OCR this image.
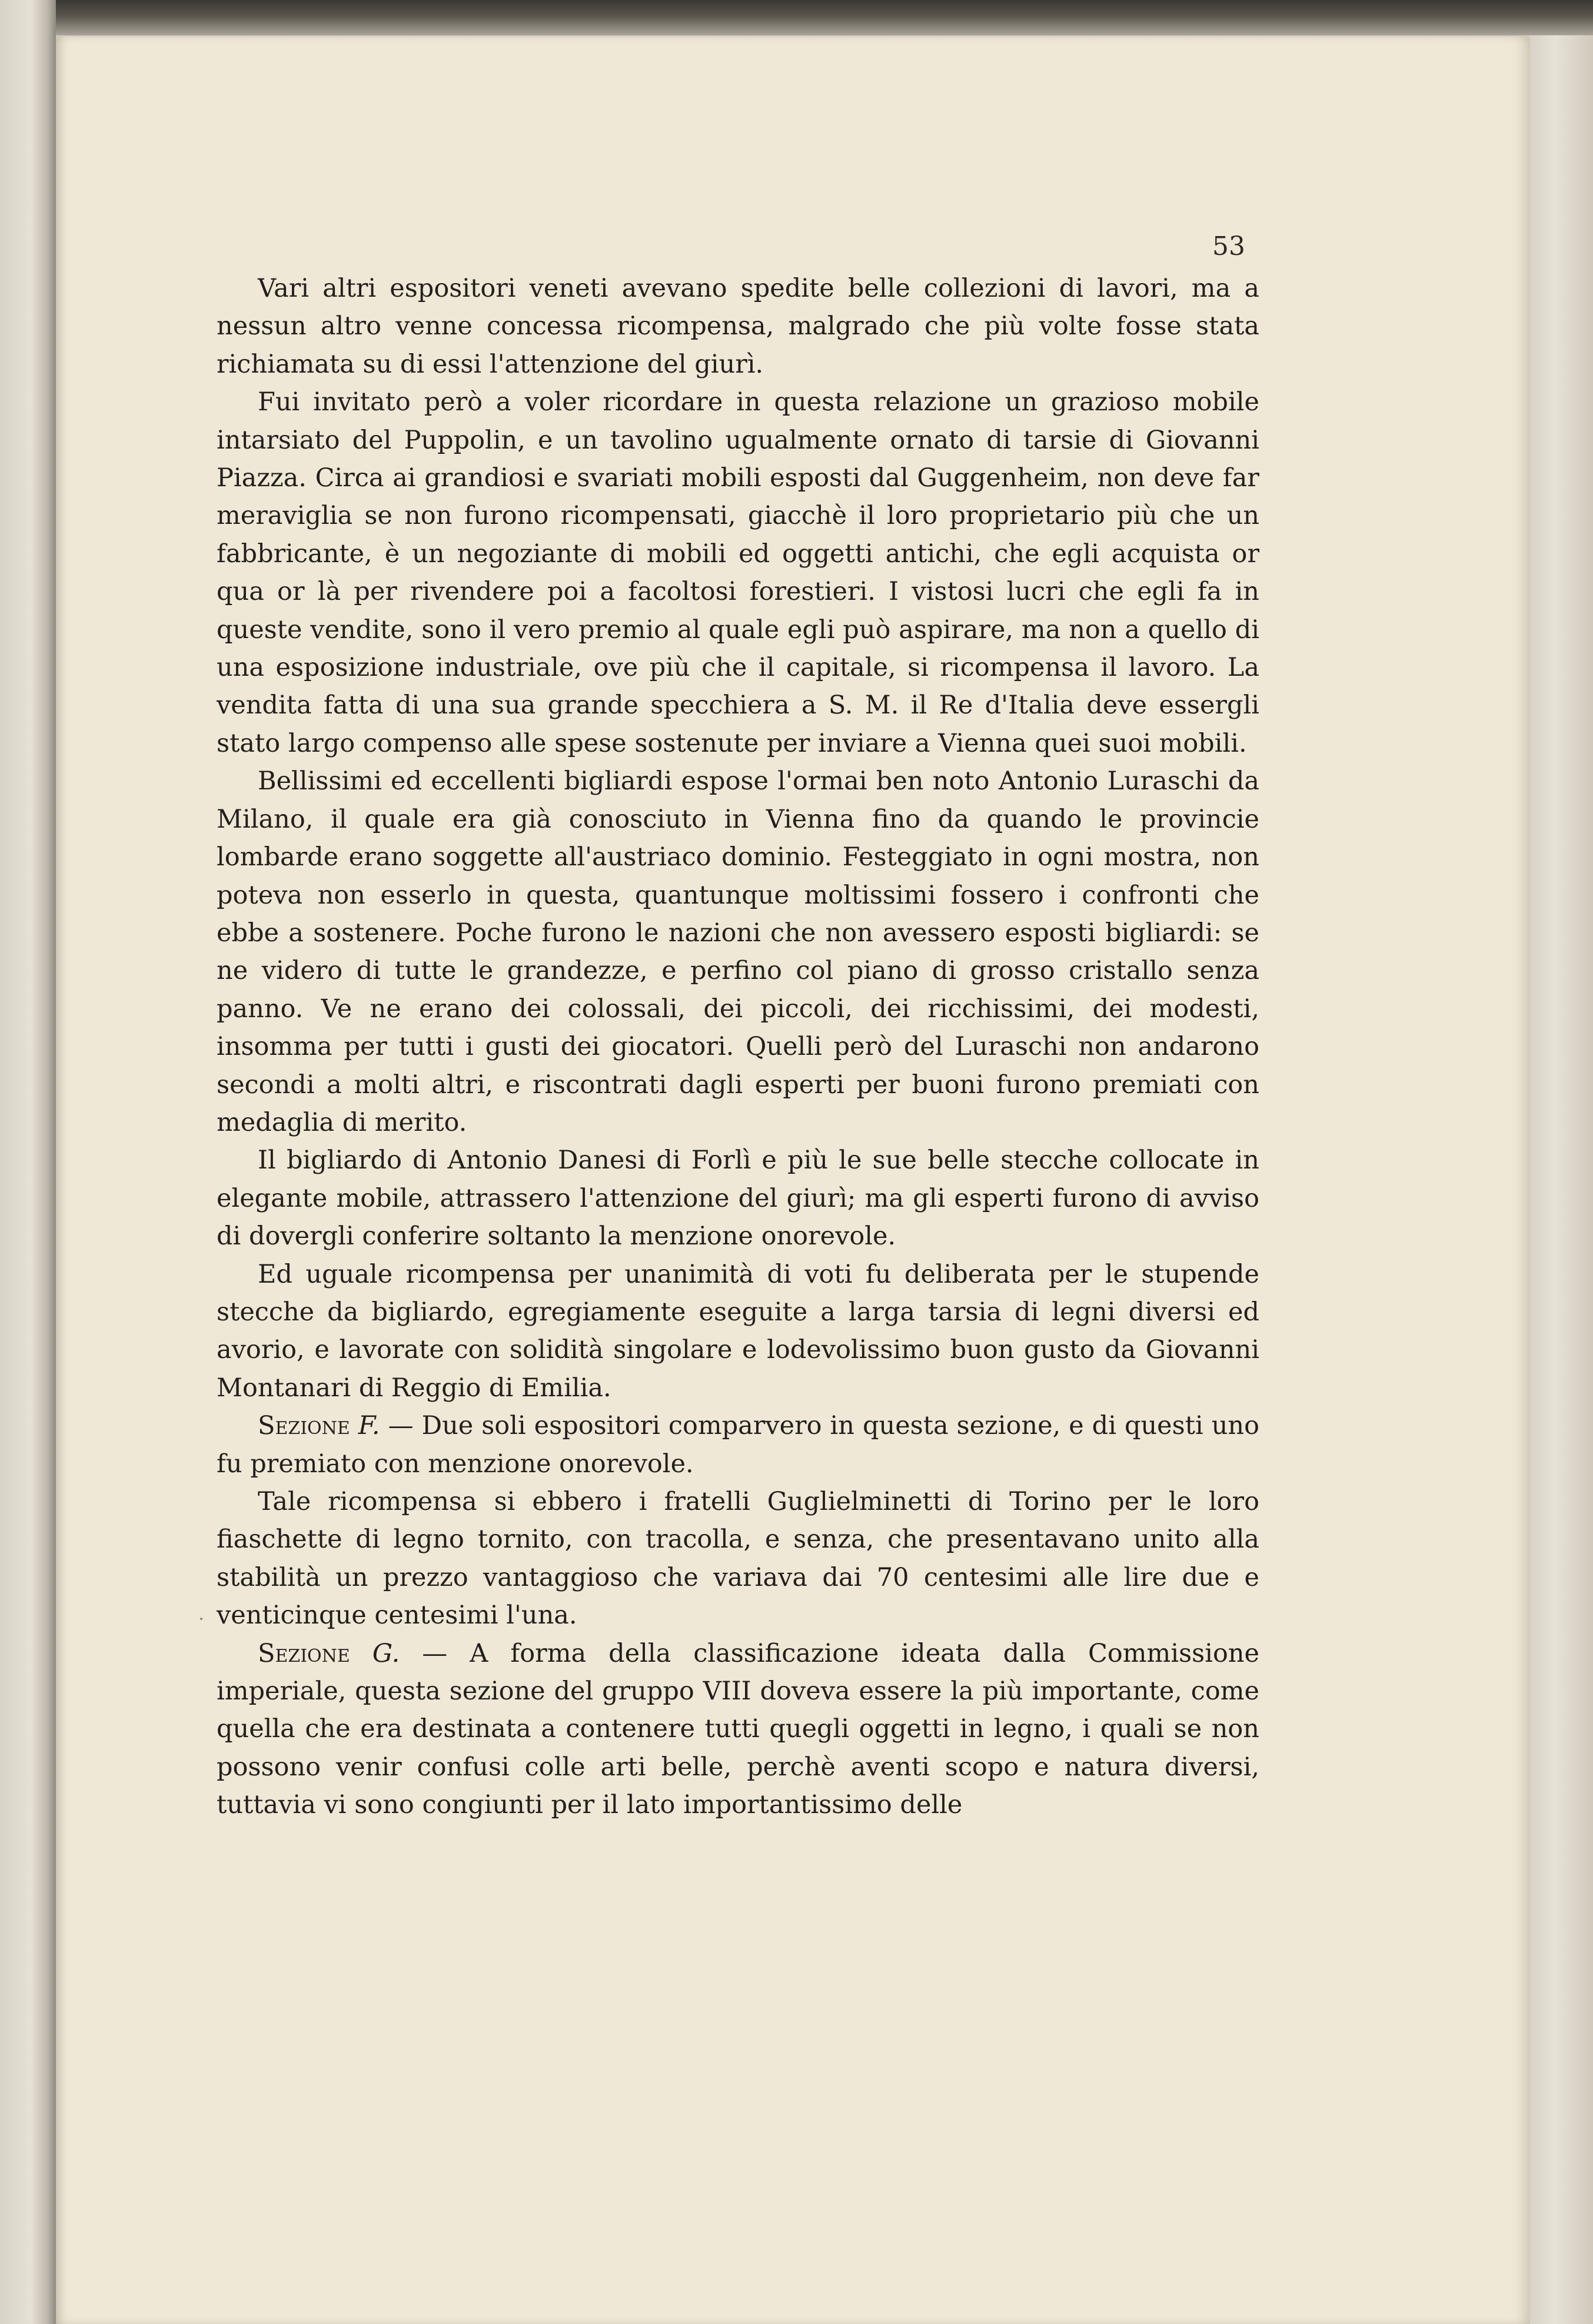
53

Vari altri espositori veneti avevano spedite belle collezioni di lavori, ma a nessun altro venne concessa ricompensa, malgrado che più volte fosse stata richiamata su di essi l'attenzione del giurì.

Fui invitato però a voler ricordare in questa relazione un grazioso mobile intarsiato del Puppolin, e un tavolino ugualmente ornato di tarsie di Giovanni Piazza. Circa ai grandiosi e svariati mobili esposti dal Guggenheim, non deve far meraviglia se non furono ricompensati, giacchè il loro proprietario più che un fabbricante, è un negoziante di mobili ed oggetti antichi, che egli acquista or qua or là per rivendere poi a facoltosi forestieri. I vistosi lucri che egli fa in queste vendite, sono il vero premio al quale egli può aspirare, ma non a quello di una esposizione industriale, ove più che il capitale, si ricompensa il lavoro. La vendita fatta di una sua grande specchiera a S. M. il Re d'Italia deve essergli stato largo compenso alle spese sostenute per inviare a Vienna quei suoi mobili.

Bellissimi ed eccellenti bigliardi espose l'ormai ben noto Antonio Luraschi da Milano, il quale era già conosciuto in Vienna fino da quando le provincie lombarde erano soggette all'austriaco dominio. Festeggiato in ogni mostra, non poteva non esserlo in questa, quantunque moltissimi fossero i confronti che ebbe a sostenere. Poche furono le nazioni che non avessero esposti bigliardi: se ne videro di tutte le grandezze, e perfino col piano di grosso cristallo senza panno. Ve ne erano dei colossali, dei piccoli, dei ricchissimi, dei modesti, insomma per tutti i gusti dei giocatori. Quelli però del Luraschi non andarono secondi a molti altri, e riscontrati dagli esperti per buoni furono premiati con medaglia di merito.

Il bigliardo di Antonio Danesi di Forlì e più le sue belle stecche collocate in elegante mobile, attrassero l'attenzione del giurì; ma gli esperti furono di avviso di dovergli conferire soltanto la menzione onorevole.

Ed uguale ricompensa per unanimità di voti fu deliberata per le stupende stecche da bigliardo, egregiamente eseguite a larga tarsia di legni diversi ed avorio, e lavorate con solidità singolare e lodevolissimo buon gusto da Giovanni Montanari di Reggio di Emilia.

Sezione F. — Due soli espositori comparvero in questa sezione, e di questi uno fu premiato con menzione onorevole.

Tale ricompensa si ebbero i fratelli Guglielminetti di Torino per le loro fiaschette di legno tornito, con tracolla, e senza, che presentavano unito alla stabilità un prezzo vantaggioso che variava dai 70 centesimi alle lire due e venticinque centesimi l'una.

Sezione G. — A forma della classificazione ideata dalla Commissione imperiale, questa sezione del gruppo VIII doveva essere la più importante, come quella che era destinata a contenere tutti quegli oggetti in legno, i quali se non possono venir confusi colle arti belle, perchè aventi scopo e natura diversi, tuttavia vi sono congiunti per il lato importantissimo delle
